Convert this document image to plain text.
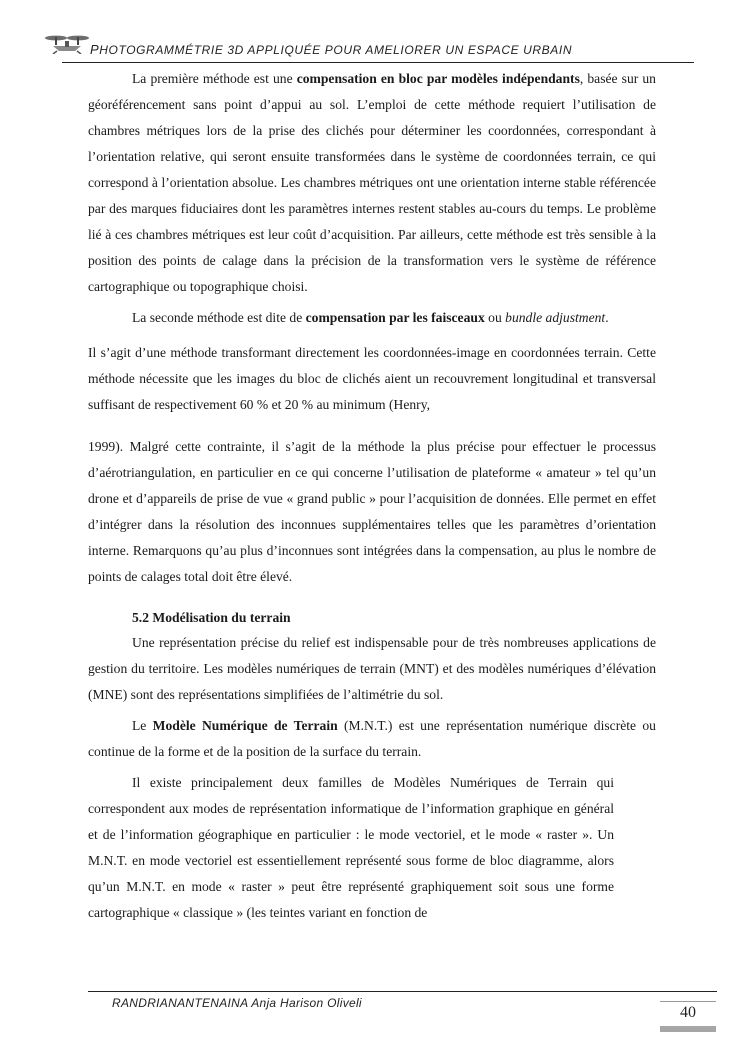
PHOTOGRAMMÉTRIE 3D APPLIQUÉE POUR AMELIORER UN ESPACE URBAIN

La première méthode est une compensation en bloc par modèles indépendants, basée sur un géoréférencement sans point d’appui au sol. L’emploi de cette méthode requiert l’utilisation de chambres métriques lors de la prise des clichés pour déterminer les coordonnées, correspondant à l’orientation relative, qui seront ensuite transformées dans le système de coordonnées terrain, ce qui correspond à l’orientation absolue. Les chambres métriques ont une orientation interne stable référencée par des marques fiduciaires dont les paramètres internes restent stables au-cours du temps. Le problème lié à ces chambres métriques est leur coût d’acquisition. Par ailleurs, cette méthode est très sensible à la position des points de calage dans la précision de la transformation vers le système de référence cartographique ou topographique choisi.

La seconde méthode est dite de compensation par les faisceaux ou bundle adjustment.

Il s’agit d’une méthode transformant directement les coordonnées-image en coordonnées terrain. Cette méthode nécessite que les images du bloc de clichés aient un recouvrement longitudinal et transversal suffisant de respectivement 60 % et 20 % au minimum (Henry,

1999). Malgré cette contrainte, il s’agit de la méthode la plus précise pour effectuer le processus d’aérotriangulation, en particulier en ce qui concerne l’utilisation de plateforme « amateur » tel qu’un drone et d’appareils de prise de vue « grand public » pour l’acquisition de données. Elle permet en effet d’intégrer dans la résolution des inconnues supplémentaires telles que les paramètres d’orientation interne. Remarquons qu’au plus d’inconnues sont intégrées dans la compensation, au plus le nombre de points de calages total doit être élevé.

5.2 Modélisation du terrain

Une représentation précise du relief est indispensable pour de très nombreuses applications de gestion du territoire. Les modèles numériques de terrain (MNT) et des modèles numériques d’élévation (MNE) sont des représentations simplifiées de l’altimétrie du sol.

Le Modèle Numérique de Terrain (M.N.T.) est une représentation numérique discrète ou continue de la forme et de la position de la surface du terrain.

Il existe principalement deux familles de Modèles Numériques de Terrain qui correspondent aux modes de représentation informatique de l’information graphique en général et de l’information géographique en particulier : le mode vectoriel, et le mode « raster ». Un M.N.T. en mode vectoriel est essentiellement représenté sous forme de bloc diagramme, alors qu’un M.N.T. en mode « raster » peut être représenté graphiquement soit sous une forme cartographique « classique » (les teintes variant en fonction de

RANDRIANANTENAINA Anja Harison Oliveli
40
